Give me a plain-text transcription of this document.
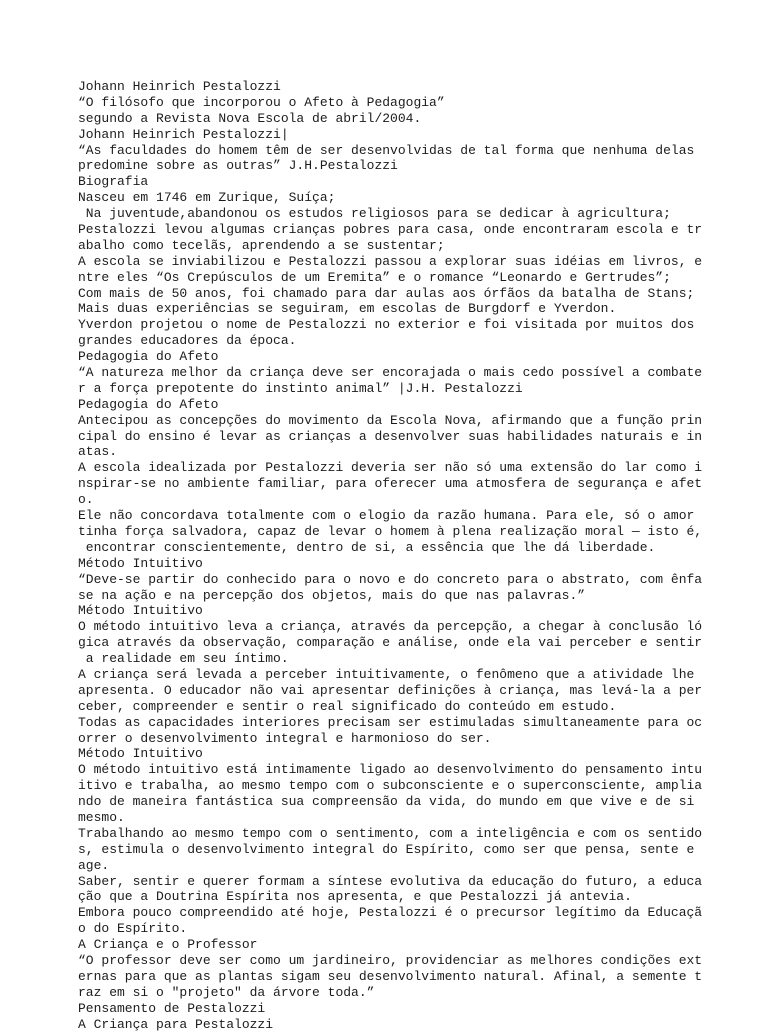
Johann Heinrich Pestalozzi
“O filósofo que incorporou o Afeto à Pedagogia”
segundo a Revista Nova Escola de abril/2004.
Johann Heinrich Pestalozzi|
“As faculdades do homem têm de ser desenvolvidas de tal forma que nenhuma delas
predomine sobre as outras” J.H.Pestalozzi
Biografia
Nasceu em 1746 em Zurique, Suíça;
Na juventude,abandonou os estudos religiosos para se dedicar à agricultura;
Pestalozzi levou algumas crianças pobres para casa, onde encontraram escola e tr
abalho como tecelãs, aprendendo a se sustentar;
A escola se inviabilizou e Pestalozzi passou a explorar suas idéias em livros, e
ntre eles “Os Crepúsculos de um Eremita” e o romance “Leonardo e Gertrudes”;
Com mais de 50 anos, foi chamado para dar aulas aos órfãos da batalha de Stans;
Mais duas experiências se seguiram, em escolas de Burgdorf e Yverdon.
Yverdon projetou o nome de Pestalozzi no exterior e foi visitada por muitos dos
grandes educadores da época.
Pedagogia do Afeto
“A natureza melhor da criança deve ser encorajada o mais cedo possível a combate
r a força prepotente do instinto animal” |J.H. Pestalozzi
Pedagogia do Afeto
Antecipou as concepções do movimento da Escola Nova, afirmando que a função prin
cipal do ensino é levar as crianças a desenvolver suas habilidades naturais e in
atas.
A escola idealizada por Pestalozzi deveria ser não só uma extensão do lar como i
nspirar-se no ambiente familiar, para oferecer uma atmosfera de segurança e afet
o.
Ele não concordava totalmente com o elogio da razão humana. Para ele, só o amor
tinha força salvadora, capaz de levar o homem à plena realização moral — isto é,
encontrar conscientemente, dentro de si, a essência que lhe dá liberdade.
Método Intuitivo
“Deve-se partir do conhecido para o novo e do concreto para o abstrato, com ênfa
se na ação e na percepção dos objetos, mais do que nas palavras.”
Método Intuitivo
O método intuitivo leva a criança, através da percepção, a chegar à conclusão ló
gica através da observação, comparação e análise, onde ela vai perceber e sentir
a realidade em seu íntimo.
A criança será levada a perceber intuitivamente, o fenômeno que a atividade lhe
apresenta. O educador não vai apresentar definições à criança, mas levá-la a per
ceber, compreender e sentir o real significado do conteúdo em estudo.
Todas as capacidades interiores precisam ser estimuladas simultaneamente para oc
orrer o desenvolvimento integral e harmonioso do ser.
Método Intuitivo
O método intuitivo está intimamente ligado ao desenvolvimento do pensamento intu
itivo e trabalha, ao mesmo tempo com o subconsciente e o superconsciente, amplia
ndo de maneira fantástica sua compreensão da vida, do mundo em que vive e de si
mesmo.
Trabalhando ao mesmo tempo com o sentimento, com a inteligência e com os sentido
s, estimula o desenvolvimento integral do Espírito, como ser que pensa, sente e
age.
Saber, sentir e querer formam a síntese evolutiva da educação do futuro, a educa
ção que a Doutrina Espírita nos apresenta, e que Pestalozzi já antevia.
Embora pouco compreendido até hoje, Pestalozzi é o precursor legítimo da Educaçã
o do Espírito.
A Criança e o Professor
“O professor deve ser como um jardineiro, providenciar as melhores condições ext
ernas para que as plantas sigam seu desenvolvimento natural. Afinal, a semente t
raz em si o "projeto" da árvore toda.”
Pensamento de Pestalozzi
A Criança para Pestalozzi
